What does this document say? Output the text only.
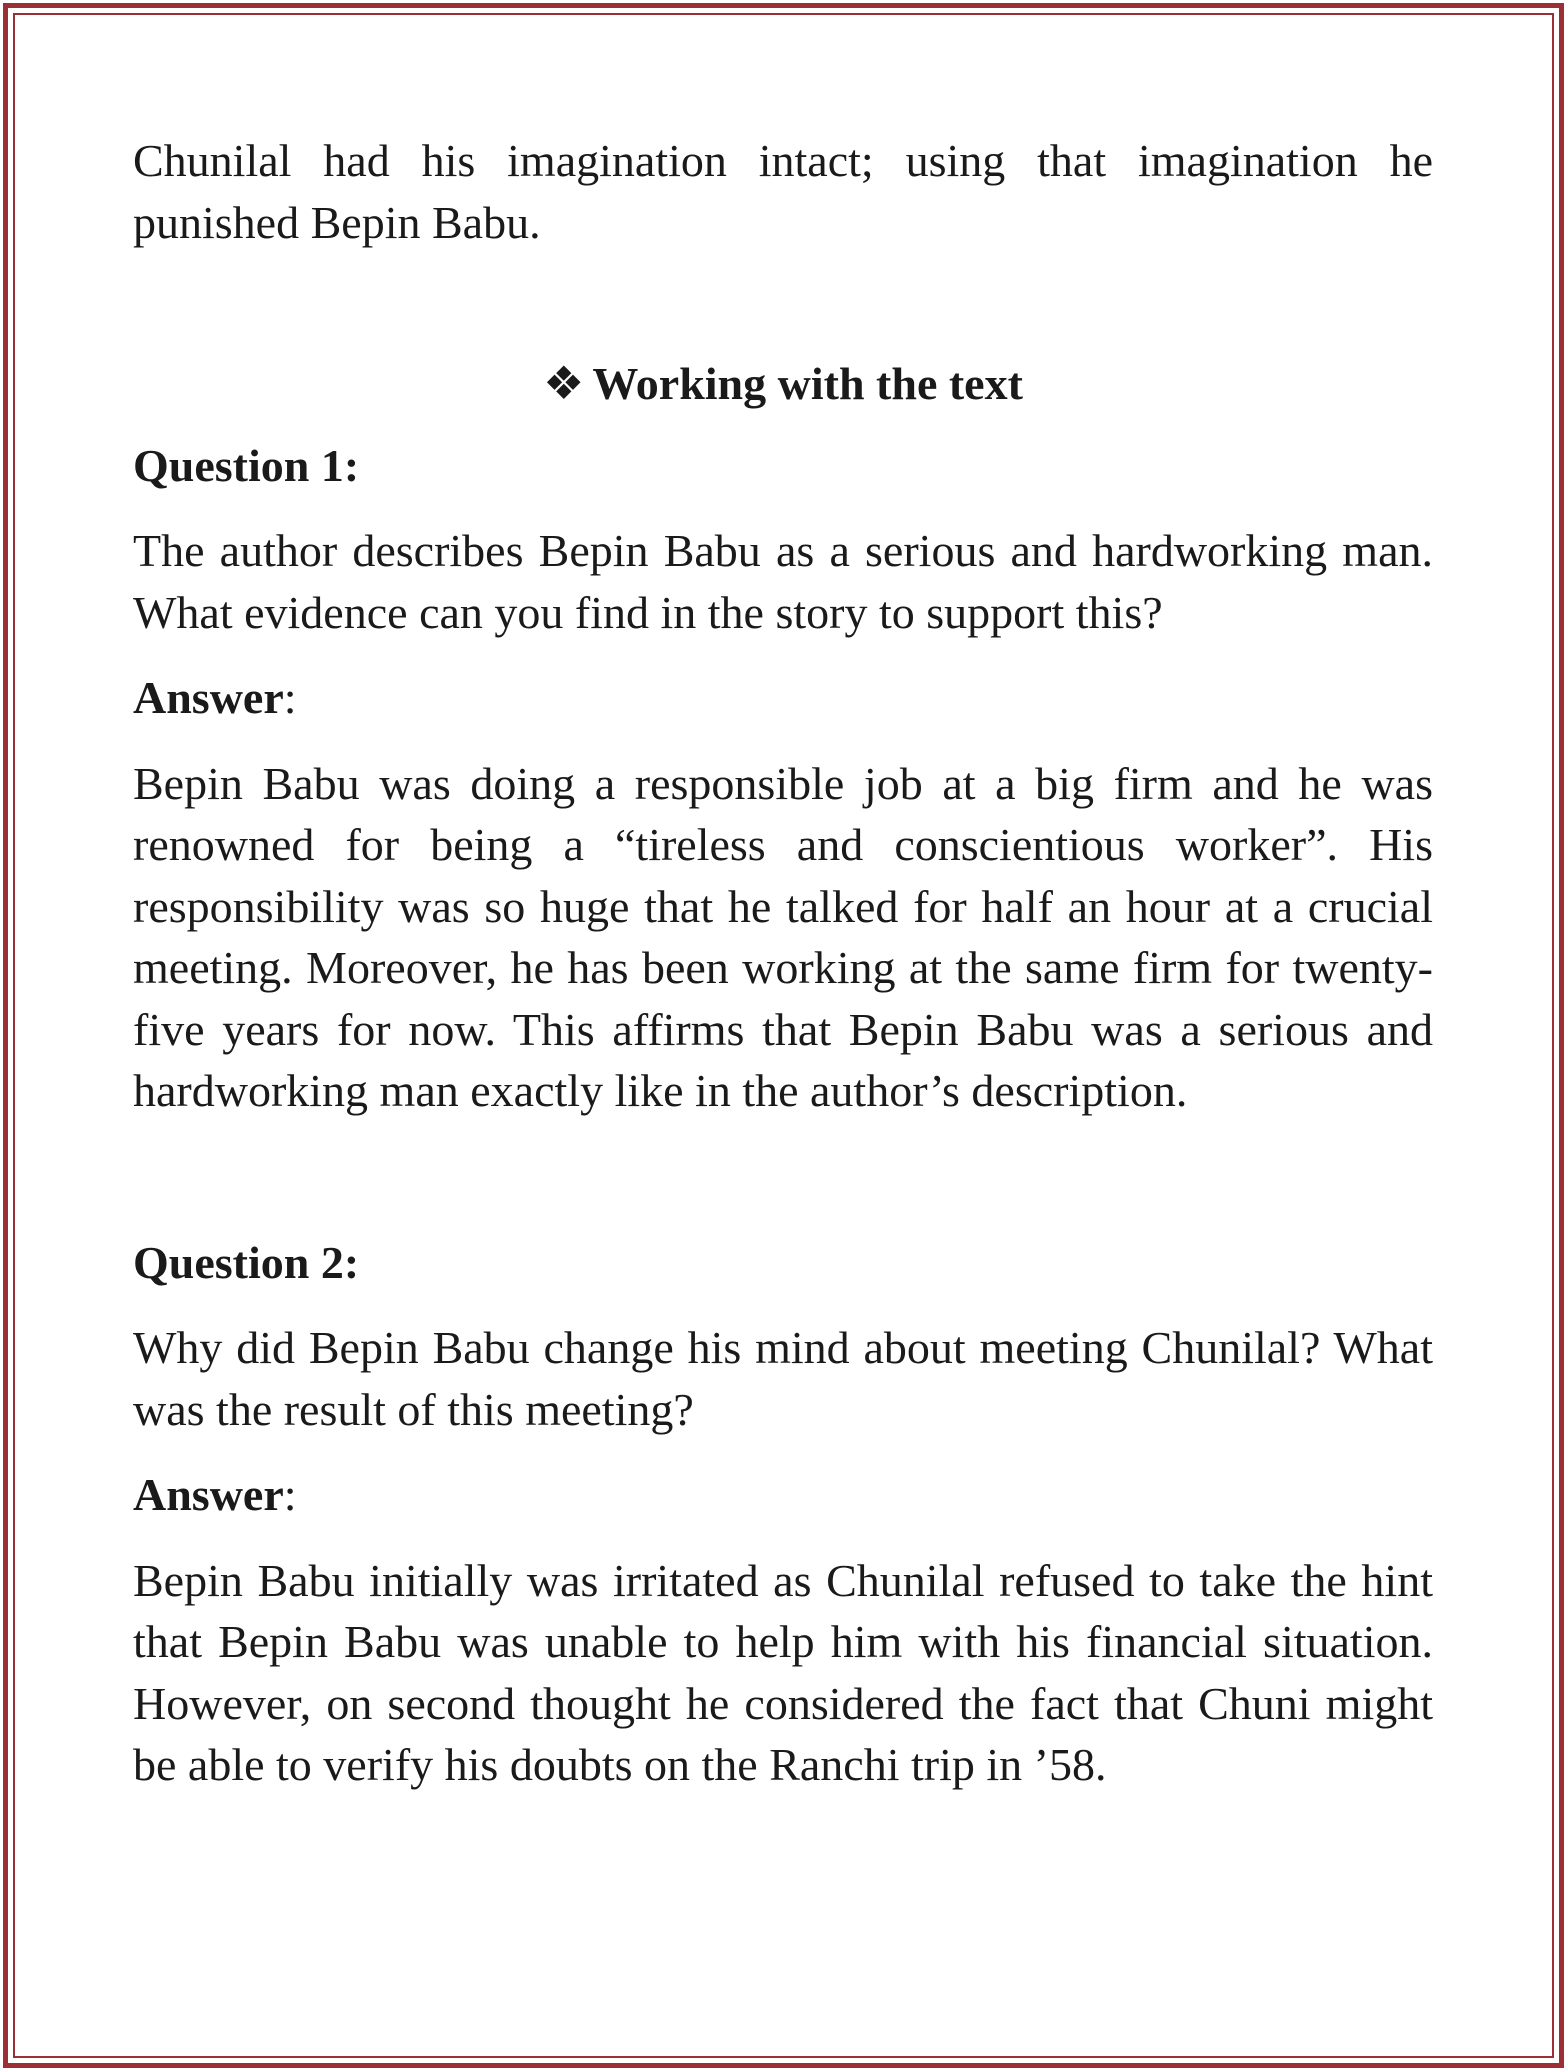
Chunilal had his imagination intact; using that imagination he punished Bepin Babu.

❖ Working with the text

Question 1:

The author describes Bepin Babu as a serious and hardworking man. What evidence can you find in the story to support this?

Answer:

Bepin Babu was doing a responsible job at a big firm and he was renowned for being a “tireless and conscientious worker”. His responsibility was so huge that he talked for half an hour at a crucial meeting. Moreover, he has been working at the same firm for twenty-five years for now. This affirms that Bepin Babu was a serious and hardworking man exactly like in the author’s description.

Question 2:

Why did Bepin Babu change his mind about meeting Chunilal? What was the result of this meeting?

Answer:

Bepin Babu initially was irritated as Chunilal refused to take the hint that Bepin Babu was unable to help him with his financial situation. However, on second thought he considered the fact that Chuni might be able to verify his doubts on the Ranchi trip in ’58.
